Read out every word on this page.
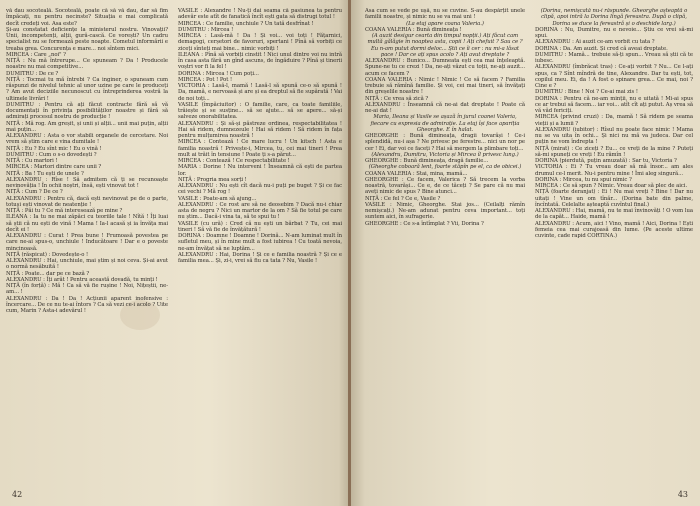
vă dau socoteală. Socoteală, poate că să vă dau, dar să fim împăcați, nu pentru necinste? Situația e mai complicată decît credeți voi. Asa este?

Și-au constatat deficiențe la ministerul nostru. Vinovații? Unii, incompetenți, alții, gură-cască. Ce vorești? Un cadru specialist nu se formează peste noapte. Cometul informării e treaba grea. Concurența e mare... noi sîntem mici.

MIRCEA : Care „noi" ?

NIȚĂ : Nu mă întrerupe... Ce spuneam ? Da ! Producele noastre nu mai competitive...

DUMITRU : De ce ?

NIȚĂ : Tocmai tu mă întrebi ? Ca inginer, o spuneam cum răspunzi de nivelul tehnic al unor uzine pe care le produceți ? Am avut deciziile necunoscut cu întreprinderea vostră la ultimele livrări !

DUMITRU : Pentru că ați făcut contracte fără să vă documentați în privința posibilităților noastre și fără să admirați procesul nostru de producție !

NIȚĂ : Mă rog. Am greșit, și unii și alții... unii mai puțin, alții mai puțin...

ALEXANDRU : Asta o vor stabili organele de cercetare. Noi vrem să știm care e vina dumitale !

NIȚĂ : Eu ? Eu sînt mic ! Eu o vină !

DUMITRU : Cum o s-o dovedești ?

NIȚĂ : Cu martori !

MIRCEA : Martori dintre care unii ?

NIȚĂ : Ba ! Tu ești de unele ?

ALEXANDRU : Rîse ! Să admitem că ți se recunoaște nevinovăția ! În ochii noștri, însă, ești vinovat tot !

NIȚĂ : Cum ? De ce ?

ALEXANDRU : Pentru că, dacă ești nevinovat pe de o parte, totuși ești vinovat de neatenție !

NIȚĂ : Păi tu ? Ce mă interesează pe mine ?

ILEANA : Ia tu ne mai zăpăci cu teoriile tale ! Nîtă ! Îți luai să știi că nu ești de vină ! Mama ! Ia-l acasă și ia învăța mai decît ei !

ALEXANDRU : Curat ! Prea bune ! Frumoasă povestea pe care ne-ai spus-o, unchiule ! Inducătoare ! Dar e o poveste mincinoasă.

NIȚĂ (răspicat) : Dovedește-o !

ALEXANDRU : Hai, unchiule, mai știm și noi ceva. Și-ai avut o normă nesăbuită !

NIȚĂ : Poate... dar pe ce bază ?

ALEXANDRU : Îți arăt ! Pentru această dovadă, tu minți !

NIȚĂ (în forță) : Mă ! Ca să vă fie rușine ! Noi, Nițeștii, ne-am... !

ALEXANDRU : Da ! Da ! Acțiunii aparent inofensive : încercare... De ce nu te-ai întors ? Ca să vezi ce-i acolo ? Uite cum, Marin ? Asta-i adevărul !

VASILE : Alexandre ! Nu-ți dai seama că pasiunea ta pentru adevăr este atît de fanatică încît ești gata să distrugi totul !

MIRCEA : Ce familie, unchiule ? Un tată desfrînat !

DUMITRU : Mircea !

MIRCEA : Lasă-mă ! Da ! Și voi... voi toți ! Fățarnici, demagogi, cerșetori de favoruri, spertani ! Pînă să vorbiți ce ziceți sînteți mai bine... nimic vorbiți !

ILEANA : Pînă să vorbiți cinstit ! Nici unul dintre voi nu intră în casa asta fără un gînd ascuns, de îngăduire ? Pînă și tinerii voștri vor fi la fel !

DORINA : Mircea ! Cum poți...

MIRCEA : Pot ! Pot !

VICTORIA : Lasă-l, mamă ! Lasă-l să spună ce-o să spună ! Da, mamă, e nervoasă și are și ea dreptul să fie supărată ! Vai de noi toți...

VASILE (împăciuitor) : O familie, care, ca toate familiile, trăiește și se susține... să se ajute... să se apere... să-și salveze onorabilitatea.

ALEXANDRU : Și să-și păstreze ordinea, respectabilitatea ! Hai să ridem, dumnezeule ! Hai să ridem ! Să ridem în fața pentru mulțumirea noastră !

MIRCEA : Contează ! Ce mare lucru ! Un kitsch ! Asta e familia noastră ! Privește-i, Mircea, tu, cei mai tineri ! Prea mult ai trăit în tensiune ! Poate ți s-a părut...

MIRCEA : Contează ! Ce respectabilitate !

MARIA : Dorine ! Nu interveni ! Înseamnă că ești de partea lor.

NIȚĂ : Progria mea sorți !

ALEXANDRU : Nu ești cît dacă nu-i puți pe buget ? Și ce fac cei vechi ? Mă rog !

VASILE : Poate-am să ajung...

ALEXANDRU : Ce rost are să ne deosebim ? Dacă nu-i chiar asta de negru ? Nici un martor de la om ? Să fie totul pe care nu știm... Dacă-i vina ta, să te spui tu !

VASILE (cu ură) : Cred că nu ești un bărbat ? Tu, cei mai tineri ! Să vă fie de învățătură !

DORINA : Doamne ! Doamne ! Dorină... N-am luminat mult în sufletul meu, și în mine mult a fost iubirea ! Cu toată nevoia, ne-am învățat să ne luptăm...

ALEXANDRU : Hai, Dorina ! Și ce e familia noastră ? Și ce e familia mea... Și, zi-i, vrei să fiu ca tata ? Nu, Vasile !

42

Asa cum se vede pe ușă, nu se cuvine. S-au despărțit unele familii noastre, și nimic nu se va mai uni !

(La etaj apare coana Valeria.)

COANA VALERIA : Bună dimineața !

(A auzit desigur cearta din timpul nopții.) Ați făcut cam multă gălăgie în noaptea asta, copii ! Ați chefuit ? Sau ce ? Eu n-am putut dormi deloc... Știi ce îi cer : nu mi-a lăsat pace ! Dar ce ați spus acolo ? Ați avut dreptate ?

ALEXANDRU : Bunico... Dumneata ești cea mai înțeleaptă. Spune-ne tu ce crezi ! Da, ne-ați văzut cu toții, ne-ați auzit... acum ce facem ?

COANA VALERIA : Nimic ! Nimic ! Ce să facem ? Familia trebuie să rămînă familie. Și voi, cei mai tineri, să învățați din greșelile noastre !

NIȚĂ : Ce vrea să zică ?

ALEXANDRU : Înseamnă că ne-ai dat dreptate ! Poate că ne-ai dat !

Maria, Ileana și Vasile se așază în jurul coanei Valeria, fiecare cu expresia de admirație. La etaj își face apariția Gheorghe. E în halat.

GHEORGHE : Bună dimineața, dragii tovarăși ! Ce-i splendidă, nu-i așa ? Ne privesc pe ferestre... nici un nor pe cer ! Ei, dar voi ce faceți ? Hai să mergem la plimbare toți...

(Alexandru, Dumitru, Victoria și Mircea îl privesc lung.)

GHEORGHE : Bună dimineața, dragă familie...

(Gheorghe coboară lent, foarte stăpîn pe el, ca de obicei.)

COANA VALERIA : Stai, mina, mamă...

GHEORGHE : Ce facem, Valerica ? Să trecem la vorba noastră, tovarăși... Ce e, de ce tăceți ? Se pare că nu mai aveți nimic de spus ? Bine atunci...

NIȚĂ : Ce fel ? Ce e, Vasile ?

VASILE : Nimic, Gheorghe. Stai jos... (Ceilalți rămîn nemișcați.) Ne-am adunat pentru ceva important... toți suntem aici, în sufragerie.

GHEORGHE : Ce s-a întîmplat ? Vii, Dorina ?

(Dorina, nemișcată nu-i răspunde. Gheorghe așteaptă o clipă, apoi intră la Dorina lîngă fereastra. După o clipă, Dorina se duce la fereastră și o deschide larg.)

DORINA : Nu, Dumitre, nu e nevoie... Știu ce vrei să-mi spui.

ALEXANDRU : Ai auzit ce-am vorbit cu tata ?

DORINA : Da. Am auzit. Și cred că aveai dreptate.

DUMITRU : Mamă... trebuie să-ți spun... Vreau să știi că te iubesc.

ALEXANDRU (îmbrăcat tras) : Ce-ați vorbit ? Nu... Ce l-ați spus, ca ? Sînt mîndră de tine, Alexandre. Dar tu ești, tot, copilul meu. Ei, da ! A fost o spinare grea... Ce mai, noi ? Cine e ?

DUMITRU : Bine ! Noi ? Ce-ai mai zis !

DORINA : Pentru că ne-am minții, nu e uitată ! Mi-ai spus ce ar trebui să facem... iar voi... atît cît ați putut. Aș vrea să vă văd fericiți.

MIRCEA (privind cruzi) : Da, mamă ! Să ridem pe seama vieții și a lumii ?

ALEXANDRU (iubitor) : Rîsul nu poate face nimic ! Mama nu se va uita în ochi... Și nici nu mă va judeca. Dar cel puțin ne vom îndrepta !

NIȚĂ (mirat) : Ce ziceți ? Eu... ce vreți de la mine ? Puteți să-mi spuneți ce vreți ! Eu rămîn !

DORINA (pierdută, puțin amuzată) : Sar tu, Victoria ?

VICTORIA : Ei ? Tu vreau doar să mă însor... am ales drumul ce-l merit. Nu-i pentru mine ! Îmi aleg singură...

DORINA : Mircea, tu nu spui nimic ?

MIRCEA : Ce să spun ? Nimic. Vreau doar să plec de aici.

NIȚĂ (foarte deranjat) : Ei ! Nu mai vreți ? Bine ! Dar nu uitați ! Vine un om tînăr... (Dorina bate din palme, încîntată. Celelalte așteaptă cuvîntul final.)

ALEXANDRU : Hai, mamă, nu te mai învinovăți ! O vom lua de la capăt... Haide, mamă !

ALEXANDRU : Acum, aici ! Vino, mamă ! Aici, Dorina ! Ești femeia cea mai curajoasă din lume. (Pe aceste ultime cuvinte, cade rapid CORTINA.)

43
